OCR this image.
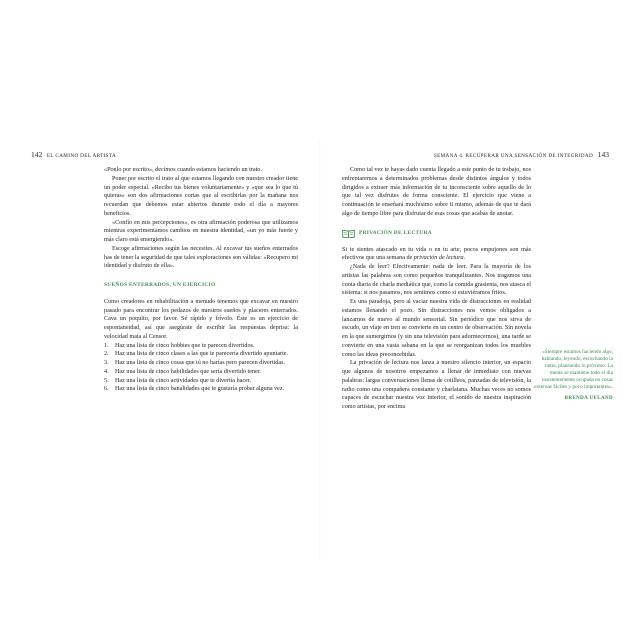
142 EL CAMINO DEL ARTISTA	SEMANA 4. RECUPERAR UNA SENSACIÓN DE INTEGRIDAD 143

«Ponlo por escrito», decimos cuando estamos haciendo un trato.

Poner por escrito el trato al que estamos llegando con nuestro creador tiene un poder especial. «Recibo tus bienes voluntariamente» y «que sea lo que tú quieras» son dos afirmaciones cortas que al escribirlas por la mañana nos recuerdan que debemos estar abiertos durante todo el día a mayores beneficios.

«Confío en mis percepciones», es otra afirmación poderosa que utilizamos mientras experimentamos cambios en nuestra identidad, «un yo más fuerte y más claro está emergiendo».

Escoge afirmaciones según las necesites. Al excavar tus sueños enterrados has de tener la seguridad de que tales exploraciones son válidas: «Recupero mi identidad y disfruto de ella».

SUEÑOS ENTERRADOS, UN EJERCICIO

Como creadores en rehabilitación a menudo tenemos que excavar en nuestro pasado para encontrar los pedazos de nuestros sueños y placeres enterrados. Cava un poquito, por favor. Sé rápido y frívolo. Éste es un ejercicio de espontaneidad, así que asegúrate de escribir las respuestas deprisa: la velocidad mata al Censor.

1. Haz una lista de cinco hobbies que te parecen divertidos.
2. Haz una lista de cinco clases a las que te parecería divertido apuntarte.
3. Haz una lista de cinco cosas que tú no harías pero parecen divertidas.
4. Haz una lista de cinco habilidades que sería divertido tener.
5. Haz una lista de cinco actividades que te divertía hacer.
6. Haz una lista de cinco banalidades que te gustaría probar alguna vez.

Como tal vez te hayas dado cuenta llegado a este punto de tu trabajo, nos enfrentaremos a determinados problemas desde distintos ángulos y todos dirigidos a extraer más información de tu inconsciente sobre aquello de lo que tal vez disfrutes de forma consciente. El ejercicio que viene a continuación te enseñará muchísimo sobre ti mismo, además de que te dará algo de tiempo libre para disfrutar de esas cosas que acabas de anotar.

PRIVACIÓN DE LECTURA

Si te sientes atascado en tu vida o en tu arte, pocos empujones son más efectivos que una semana de privación de lectura.

¿Nada de leer? Efectivamente: nada de leer. Para la mayoría de los artistas las palabras son como pequeños tranquilizantes. Nos tragamos una cuota diaria de charla mediática que, como la comida grasienta, nos atasca el sistema: si nos pasamos, nos sentimos como si estuviéramos fritos.

Es una paradoja, pero al vaciar nuestra vida de distracciones en realidad estamos llenando el pozo. Sin distracciones nos vemos obligados a lanzarnos de nuevo al mundo sensorial. Sin periódico que nos sirva de escudo, un viaje en tren se convierte en un centro de observación. Sin novela en la que sumergirnos (y sin una televisión para adormecernos), una tarde se convierte en una vasta sabana en la que se reorganizan todos los muebles como las ideas preconcebidas.

La privación de lectura nos lanza a nuestro silencio interior, un espacio que algunos de nosotros empezamos a llenar de inmediato con nuevas palabras: largas conversaciones llenas de cotilleos, panzadas de televisión, la radio como una compañera constante y charlatana. Muchas veces no somos capaces de escuchar nuestra voz interior, el sonido de nuestra inspiración como artistas, por encima

«Siempre estamos haciendo algo, hablando, leyendo, escuchando la radio, planeando lo próximo. La mente se mantiene todo el día insistentemente ocupada en cosas externas fáciles y poco importantes».
BRENDA UELAND
